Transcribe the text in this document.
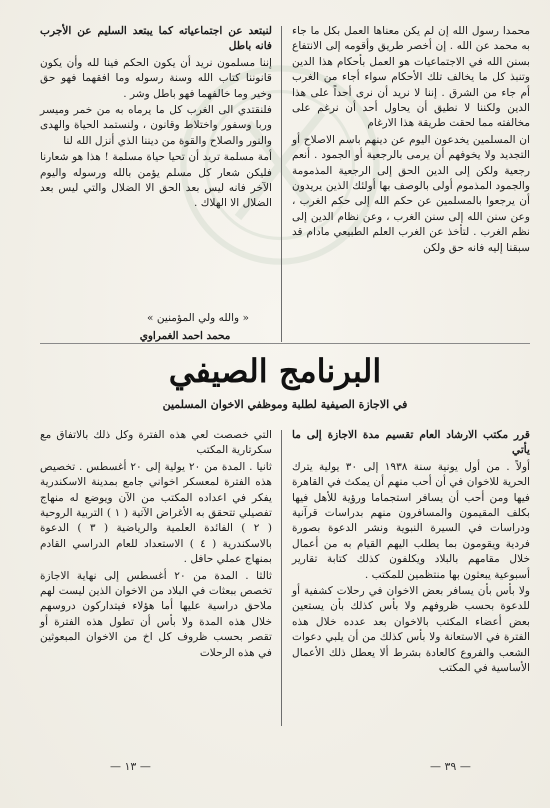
محمدا رسول الله إن لم يكن معناها العمل بكل ما جاء به محمد عن الله . إن أخصر طريق وأقومه إلى الانتفاع بسنن الله في الاجتماعيات هو العمل بأحكام هذا الدين وتنبذ كل ما يخالف تلك الأحكام سواء أجاء من الغرب أم جاء من الشرق . إننا لا نريد أن نرى أحداً على هذا الدين ولكننا لا نطيق أن يحاول أحد أن نرغم على مخالفته مما لحقت طريقة هذا الارغام

ان المسلمين يخدعون اليوم عن دينهم باسم الاصلاح أو التجديد ولا يخوفهم أن يرمى بالرجعية أو الجمود . أنعم رجعية ولكن إلى الدين الحق إلى الرجعية المذمومة والجمود المذموم أولى بالوصف بها أولئك الذين يريدون أن يرجعوا بالمسلمين عن حكم الله إلى حكم الغرب ، وعن سنن الله إلى سنن الغرب ، وعن نظام الدين إلى نظم الغرب . لتأخذ عن الغرب العلم الطبيعي مادام قد سبقنا إليه فانه حق ولكن

لنبتعد عن اجتماعياته كما يبتعد السليم عن الأجرب فانه باطل

إننا مسلمون نريد أن يكون الحكم فينا لله وأن يكون قانوننا كتاب الله وسنة رسوله وما افقهما فهو حق وخير وما خالفهما فهو باطل وشر .

فلنقتدي الى الغرب كل ما يرماه به من خمر وميسر وربا وسفور واختلاط وقانون ، ولنستمد الحياة والهدى والنور والصلاح والقوة من ديننا الذي أنزل الله لنا

أمة مسلمة تريد أن تحيا حياة مسلمة ! هذا هو شعارنا فليكن شعار كل مسلم يؤمن بالله ورسوله واليوم الآخر فانه ليس بعد الحق الا الضلال والتي ليس بعد الضلال الا الهلاك .

« والله ولي المؤمنين »
محمد احمد الغمراوي
البرنامج الصيفي
في الاجازة الصيفية لطلبة وموظفي الاخوان المسلمين

قرر مكتب الارشاد العام تقسيم مدة الاجازة إلى ما يأتي

أولاً . من أول يونية سنة ١٩٣٨ إلى ٣٠ يولية يترك الحرية للاخوان في أن أحب منهم أن يمكث في القاهرة فيها ومن أحب أن يسافر استجماما ورؤية للأهل فيها بكلف المقيمون والمسافرون منهم بدراسات قرآنية ودراسات في السيرة النبوية ونشر الدعوة بصورة فردية ويقومون بما يطلب اليهم القيام به من أعمال خلال مقامهم بالبلاد ويكلفون كذلك كتابة تقارير أسبوعية يبعثون بها منتظمين للمكتب .

ولا بأس بأن يسافر بعض الاخوان في رحلات كشفية أو للدعوة بحسب ظروفهم ولا بأس كذلك بأن يستعين بعض أعضاء المكتب بالاخوان بعد عدده خلال هذه الفترة في الاستعانة ولا بأس كذلك من أن يلبي دعوات الشعب والفروع كالعادة بشرط ألا يعطل ذلك الأعمال الأساسية في المكتب

التي خصصت لعي هذه الفترة وكل ذلك بالاتفاق مع سكرتارية المكتب

ثانيا . المدة من ٢٠ يولية إلى ٢٠ أغسطس . تخصيص هذه الفترة لمعسكر اخواني جامع بمدينة الاسكندرية يفكر في اعداده المكتب من الآن ويوضع له منهاج تفصيلي تتحقق به الأغراض الآتية ( ١ ) التربية الروحية ( ٢ ) الفائدة العلمية والرياضية ( ٣ ) الدعوة بالاسكندرية ( ٤ ) الاستعداد للعام الدراسي القادم بمنهاج عملي حافل .

ثالثا . المدة من ٢٠ أغسطس إلى نهاية الاجازة تخصص ببعثات في البلاد من الاخوان الذين ليست لهم ملاحق دراسية عليها أما هؤلاء فيتداركون دروسهم خلال هذه المدة ولا بأس أن تطول هذه الفترة أو تقصر بحسب ظروف كل اخ من الاخوان المبعوثين في هذه الرحلات

— ١٣ —	— ٣٩ —
